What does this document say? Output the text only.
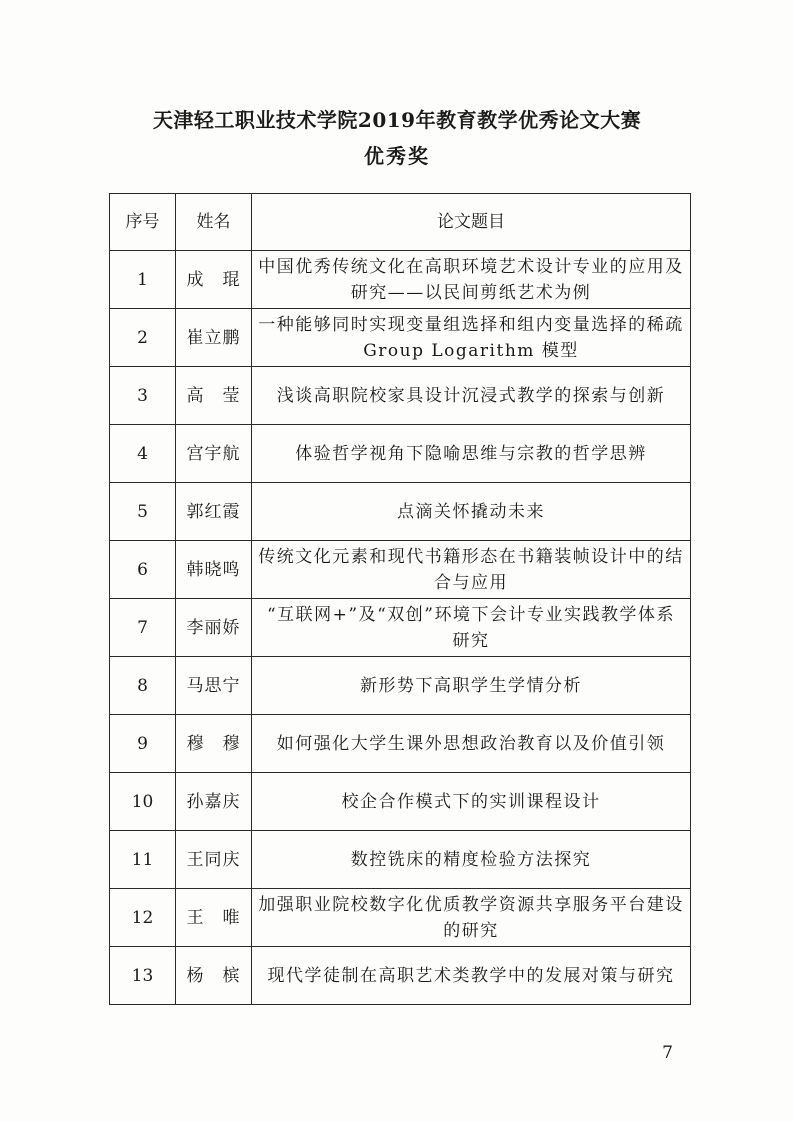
天津轻工职业技术学院2019年教育教学优秀论文大赛
优秀奖
序号	姓名	论文题目
1	成　琨	中国优秀传统文化在高职环境艺术设计专业的应用及研究——以民间剪纸艺术为例
2	崔立鹏	一种能够同时实现变量组选择和组内变量选择的稀疏Group Logarithm 模型
3	高　莹	浅谈高职院校家具设计沉浸式教学的探索与创新
4	宫宇航	体验哲学视角下隐喻思维与宗教的哲学思辨
5	郭红霞	点滴关怀撬动未来
6	韩晓鸣	传统文化元素和现代书籍形态在书籍装帧设计中的结合与应用
7	李丽娇	“互联网+”及“双创”环境下会计专业实践教学体系研究
8	马思宁	新形势下高职学生学情分析
9	穆　穆	如何强化大学生课外思想政治教育以及价值引领
10	孙嘉庆	校企合作模式下的实训课程设计
11	王同庆	数控铣床的精度检验方法探究
12	王　唯	加强职业院校数字化优质教学资源共享服务平台建设的研究
13	杨　槟	现代学徒制在高职艺术类教学中的发展对策与研究
7
